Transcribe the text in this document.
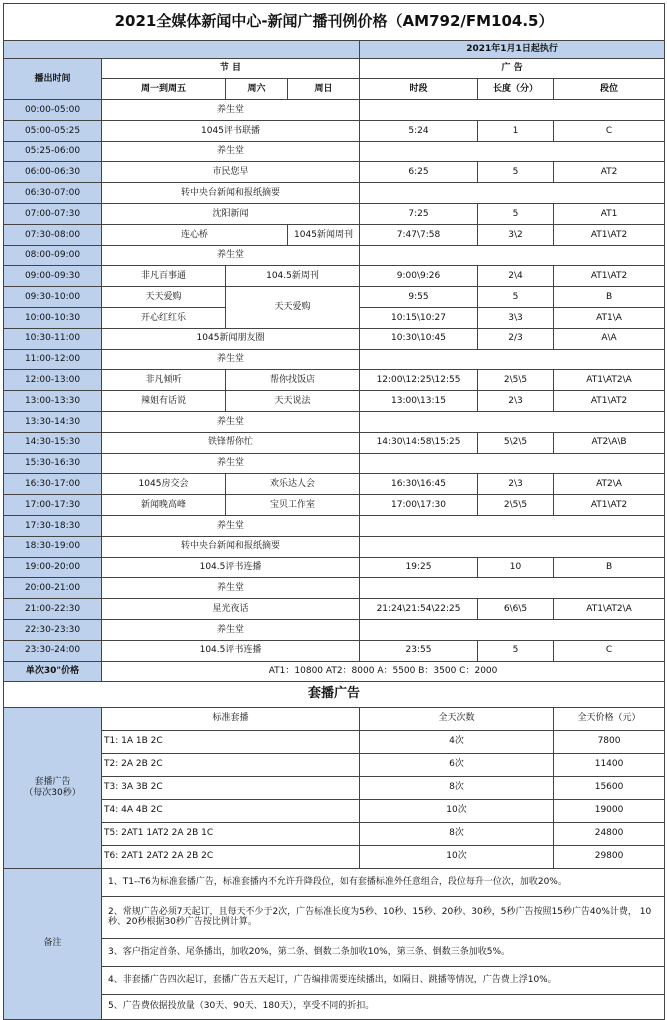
2021全媒体新闻中心-新闻广播刊例价格（AM792/FM104.5）						
				2021年1月1日起执行		
播出时间	节 目			广 告		
	周一到周五	周六	周日	时段	长度（分）	段位
00:00-05:00	养生堂					
05:00-05:25	1045评书联播			5:24	1	C
05:25-06:00	养生堂					
06:00-06:30	市民您早			6:25	5	AT2
06:30-07:00	转中央台新闻和报纸摘要					
07:00-07:30	沈阳新闻			7:25	5	AT1
07:30-08:00	连心桥		1045新闻周刊	7:47\7:58	3\2	AT1\AT2
08:00-09:00	养生堂					
09:00-09:30	非凡百事通	104.5新周刊		9:00\9:26	2\4	AT1\AT2
09:30-10:00	天天爱购	天天爱购		9:55	5	B
10:00-10:30	开心红红乐			10:15\10:27	3\3	AT1\A
10:30-11:00	1045新闻朋友圈			10:30\10:45	2/3	A\A
11:00-12:00	养生堂					
12:00-13:00	非凡倾听	帮你找饭店		12:00\12:25\12:55	2\5\5	AT1\AT2\A
13:00-13:30	辣姐有话说	天天说法		13:00\13:15	2\3	AT1\AT2
13:30-14:30	养生堂					
14:30-15:30	铁锋帮你忙			14:30\14:58\15:25	5\2\5	AT2\A\B
15:30-16:30	养生堂					
16:30-17:00	1045房交会	欢乐达人会		16:30\16:45	2\3	AT2\A
17:00-17:30	新闻晚高峰	宝贝工作室		17:00\17:30	2\5\5	AT1\AT2
17:30-18:30	养生堂					
18:30-19:00	转中央台新闻和报纸摘要					
19:00-20:00	104.5评书连播			19:25	10	B
20:00-21:00	养生堂					
21:00-22:30	星光夜话			21:24\21:54\22:25	6\6\5	AT1\AT2\A
22:30-23:30	养生堂					
23:30-24:00	104.5评书连播			23:55	5	C
单次30"价格	AT1：10800 AT2：8000 A：5500 B：3500 C：2000					
套播广告						

套播广告
（每次30秒）	标准套播			全天次数		全天价格（元）
	T1: 1A 1B 2C			4次		7800
	T2: 2A 2B 2C			6次		11400
	T3: 3A 3B 2C			8次		15600
	T4: 4A 4B 2C			10次		19000
	T5: 2AT1 1AT2 2A 2B 1C			8次		24800
	T6: 2AT1 2AT2 2A 2B 2C			10次		29800
备注	1、T1--T6为标准套播广告，标准套播内不允许升降段位，如有套播标准外任意组合，段位每升一位次，加收20%。					
	2、常规广告必须7天起订，且每天不少于2次，广告标准长度为5秒、10秒、15秒、20秒、30秒，5秒广告按照15秒广告40%计费， 10秒、20秒根据30秒广告按比例计算。					
	3、客户指定首条、尾条播出，加收20%，第二条、倒数二条加收10%，第三条、倒数三条加收5%。					
	4、非套播广告四次起订，套播广告五天起订，广告编排需要连续播出，如隔日、跳播等情况，广告费上浮10%。					
	5、广告费依据投放量（30天、90天、180天），享受不同的折扣。					
